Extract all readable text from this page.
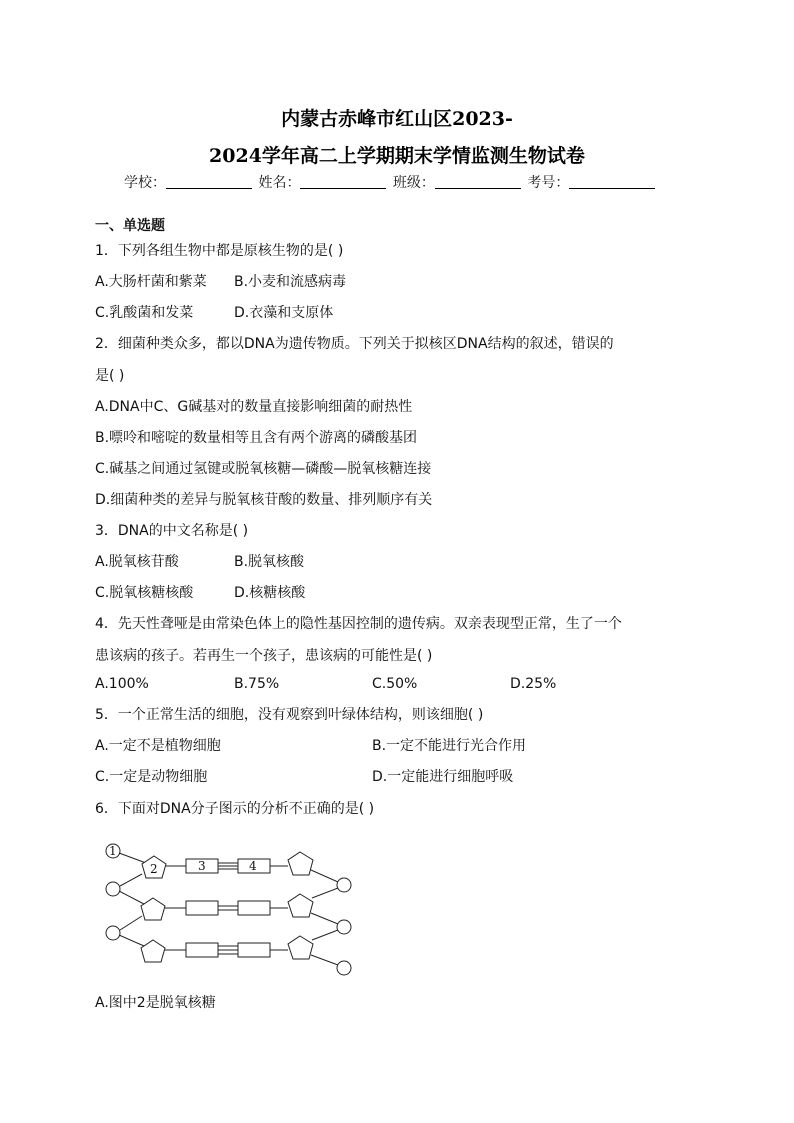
内蒙古赤峰市红山区2023-
2024学年高二上学期期末学情监测生物试卷
学校：	姓名：	班级：	考号：
一、单选题
1．下列各组生物中都是原核生物的是( )
A.大肠杆菌和紫菜 B.小麦和流感病毒
C.乳酸菌和发菜	D.衣藻和支原体
2．细菌种类众多，都以DNA为遗传物质。下列关于拟核区DNA结构的叙述，错误的
是( )
A.DNA中C、G碱基对的数量直接影响细菌的耐热性
B.嘌呤和嘧啶的数量相等且含有两个游离的磷酸基团
C.碱基之间通过氢键或脱氧核糖—磷酸—脱氧核糖连接
D.细菌种类的差异与脱氧核苷酸的数量、排列顺序有关
3．DNA的中文名称是( )
A.脱氧核苷酸	B.脱氧核酸
C.脱氧核糖核酸	D.核糖核酸
4．先天性聋哑是由常染色体上的隐性基因控制的遗传病。双亲表现型正常，生了一个
患该病的孩子。若再生一个孩子，患该病的可能性是( )
A.100%	B.75%	C.50%	D.25%
5．一个正常生活的细胞，没有观察到叶绿体结构，则该细胞( )
A.一定不是植物细胞	B.一定不能进行光合作用
C.一定是动物细胞	D.一定能进行细胞呼吸
6．下面对DNA分子图示的分析不正确的是( )
1
2	3	4
A.图中2是脱氧核糖
